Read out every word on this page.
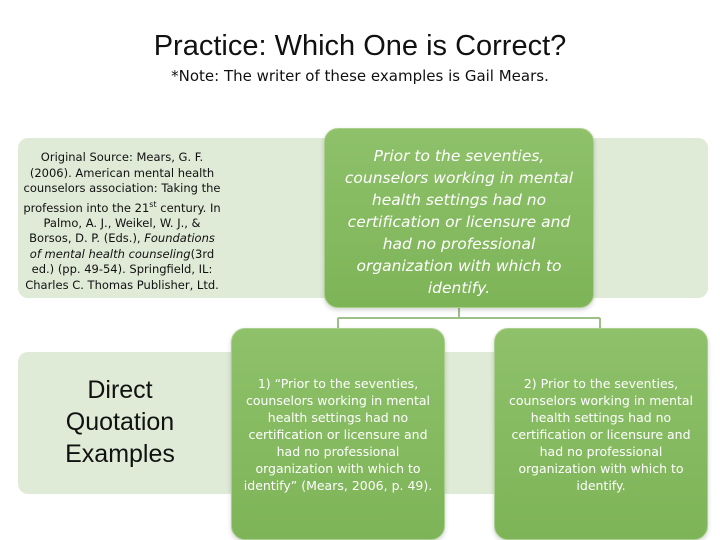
Practice: Which One is Correct?
*Note: The writer of these examples is Gail Mears.
Original Source: Mears, G. F. (2006). American mental health counselors association: Taking the profession into the 21st century. In Palmo, A. J., Weikel, W. J., & Borsos, D. P. (Eds.), Foundations of mental health counseling(3rd ed.) (pp. 49-54). Springfield, IL: Charles C. Thomas Publisher, Ltd.
Direct Quotation Examples
Prior to the seventies, counselors working in mental health settings had no certification or licensure and had no professional organization with which to identify.
1) “Prior to the seventies, counselors working in mental health settings had no certification or licensure and had no professional organization with which to identify” (Mears, 2006, p. 49).
2) Prior to the seventies, counselors working in mental health settings had no certification or licensure and had no professional organization with which to identify.
